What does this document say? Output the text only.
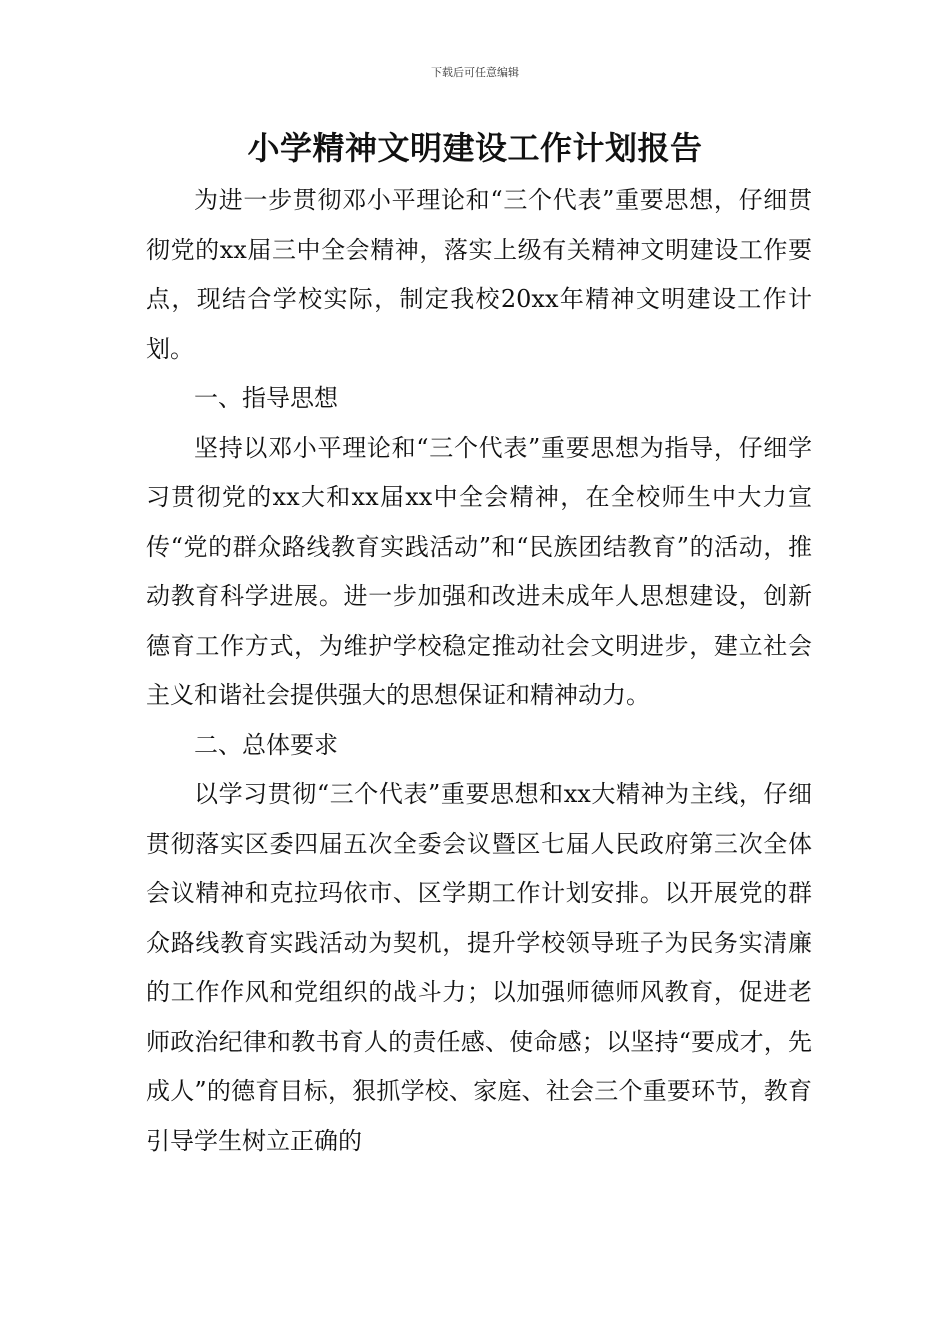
下载后可任意编辑
小学精神文明建设工作计划报告

为进一步贯彻邓小平理论和“三个代表”重要思想，仔细贯彻党的xx届三中全会精神，落实上级有关精神文明建设工作要点，现结合学校实际，制定我校20xx年精神文明建设工作计划。

一、指导思想

坚持以邓小平理论和“三个代表”重要思想为指导，仔细学习贯彻党的xx大和xx届xx中全会精神，在全校师生中大力宣传“党的群众路线教育实践活动”和“民族团结教育”的活动，推动教育科学进展。进一步加强和改进未成年人思想建设，创新德育工作方式，为维护学校稳定推动社会文明进步，建立社会主义和谐社会提供强大的思想保证和精神动力。

二、总体要求

以学习贯彻“三个代表”重要思想和xx大精神为主线，仔细贯彻落实区委四届五次全委会议暨区七届人民政府第三次全体会议精神和克拉玛依市、区学期工作计划安排。以开展党的群众路线教育实践活动为契机，提升学校领导班子为民务实清廉的工作作风和党组织的战斗力；以加强师德师风教育，促进老师政治纪律和教书育人的责任感、使命感；以坚持“要成才，先成人”的德育目标，狠抓学校、家庭、社会三个重要环节，教育引导学生树立正确的
